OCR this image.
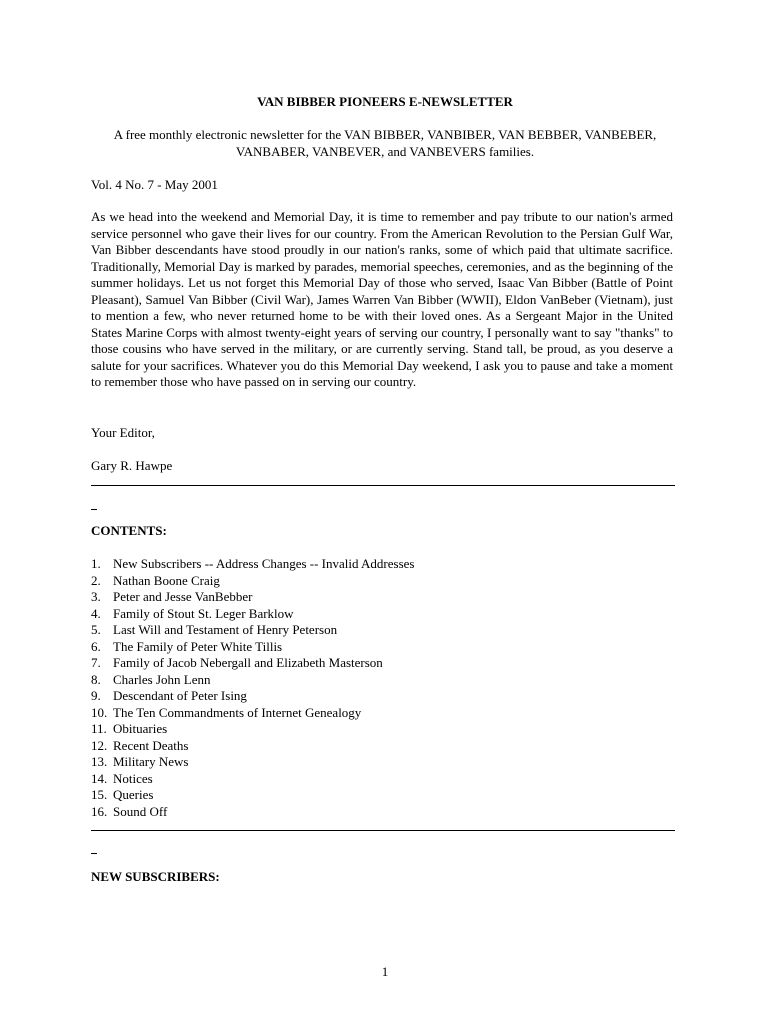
VAN BIBBER PIONEERS E-NEWSLETTER
A free monthly electronic newsletter for the VAN BIBBER, VANBIBER, VAN BEBBER, VANBEBER, VANBABER, VANBEVER, and VANBEVERS families.
Vol. 4 No. 7 - May 2001
As we head into the weekend and Memorial Day, it is time to remember and pay tribute to our nation's armed service personnel who gave their lives for our country. From the American Revolution to the Persian Gulf War, Van Bibber descendants have stood proudly in our nation's ranks, some of which paid that ultimate sacrifice. Traditionally, Memorial Day is marked by parades, memorial speeches, ceremonies, and as the beginning of the summer holidays. Let us not forget this Memorial Day of those who served, Isaac Van Bibber (Battle of Point Pleasant), Samuel Van Bibber (Civil War), James Warren Van Bibber (WWII), Eldon VanBeber (Vietnam), just to mention a few, who never returned home to be with their loved ones. As a Sergeant Major in the United States Marine Corps with almost twenty-eight years of serving our country, I personally want to say "thanks" to those cousins who have served in the military, or are currently serving. Stand tall, be proud, as you deserve a salute for your sacrifices. Whatever you do this Memorial Day weekend, I ask you to pause and take a moment to remember those who have passed on in serving our country.
Your Editor,
Gary R. Hawpe
CONTENTS:
1. New Subscribers -- Address Changes -- Invalid Addresses
2. Nathan Boone Craig
3. Peter and Jesse VanBebber
4. Family of Stout St. Leger Barklow
5. Last Will and Testament of Henry Peterson
6. The Family of Peter White Tillis
7. Family of Jacob Nebergall and Elizabeth Masterson
8. Charles John Lenn
9. Descendant of Peter Ising
10. The Ten Commandments of Internet Genealogy
11. Obituaries
12. Recent Deaths
13. Military News
14. Notices
15. Queries
16. Sound Off
NEW SUBSCRIBERS:
1
